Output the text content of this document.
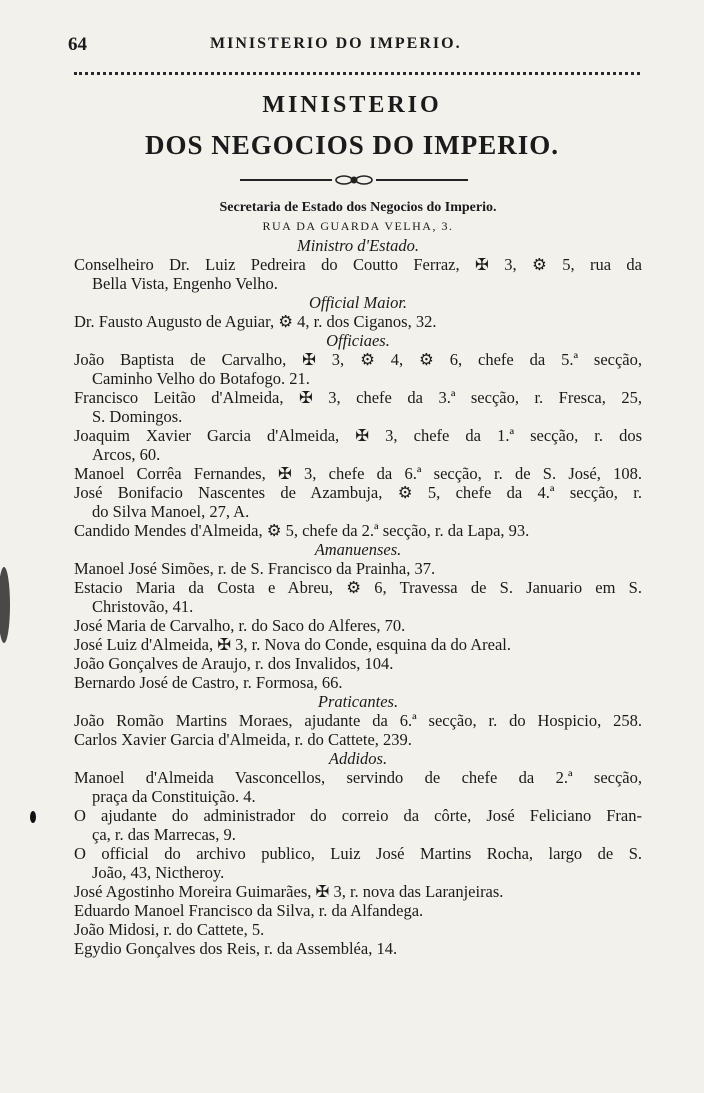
64	MINISTERIO DO IMPERIO.
MINISTERIO
DOS NEGOCIOS DO IMPERIO.
Secretaria de Estado dos Negocios do Imperio.
RUA DA GUARDA VELHA, 3.
Ministro d'Estado.
Conselheiro Dr. Luiz Pedreira do Coutto Ferraz, ✠ 3, ⚙ 5, rua da
Bella Vista, Engenho Velho.
Official Maior.
Dr. Fausto Augusto de Aguiar, ⚙ 4, r. dos Ciganos, 32.
Officiaes.
João Baptista de Carvalho, ✠ 3, ⚙ 4, ⚙ 6, chefe da 5.ª secção,
Caminho Velho do Botafogo. 21.
Francisco Leitão d'Almeida, ✠ 3, chefe da 3.ª secção, r. Fresca, 25,
S. Domingos.
Joaquim Xavier Garcia d'Almeida, ✠ 3, chefe da 1.ª secção, r. dos
Arcos, 60.
Manoel Corrêa Fernandes, ✠ 3, chefe da 6.ª secção, r. de S. José, 108.
José Bonifacio Nascentes de Azambuja, ⚙ 5, chefe da 4.ª secção, r.
do Silva Manoel, 27, A.
Candido Mendes d'Almeida, ⚙ 5, chefe da 2.ª secção, r. da Lapa, 93.
Amanuenses.
Manoel José Simões, r. de S. Francisco da Prainha, 37.
Estacio Maria da Costa e Abreu, ⚙ 6, Travessa de S. Januario em S.
Christovão, 41.
José Maria de Carvalho, r. do Saco do Alferes, 70.
José Luiz d'Almeida, ✠ 3, r. Nova do Conde, esquina da do Areal.
João Gonçalves de Araujo, r. dos Invalidos, 104.
Bernardo José de Castro, r. Formosa, 66.
Praticantes.
João Romão Martins Moraes, ajudante da 6.ª secção, r. do Hospicio, 258.
Carlos Xavier Garcia d'Almeida, r. do Cattete, 239.
Addidos.
Manoel d'Almeida Vasconcellos, servindo de chefe da 2.ª secção,
praça da Constituição. 4.
O ajudante do administrador do correio da côrte, José Feliciano Fran-
ça, r. das Marrecas, 9.
O official do archivo publico, Luiz José Martins Rocha, largo de S.
João, 43, Nictheroy.
José Agostinho Moreira Guimarães, ✠ 3, r. nova das Laranjeiras.
Eduardo Manoel Francisco da Silva, r. da Alfandega.
João Midosi, r. do Cattete, 5.
Egydio Gonçalves dos Reis, r. da Assembléa, 14.
